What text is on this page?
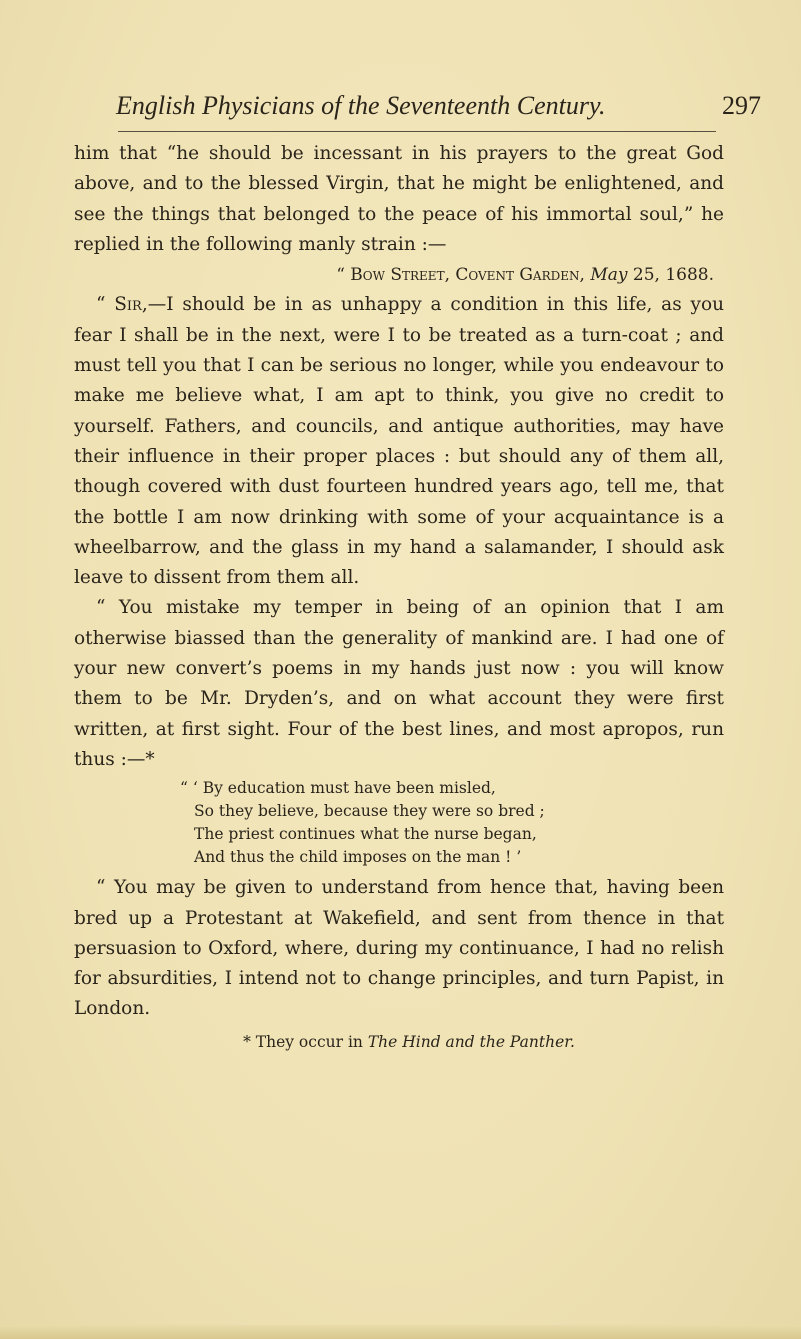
English Physicians of the Seventeenth Century.	297

him that “he should be incessant in his prayers to the great God above, and to the blessed Virgin, that he might be enlightened, and see the things that belonged to the peace of his immortal soul,” he replied in the following manly strain :—

“ Bow Street, Covent Garden, May 25, 1688.

“ Sir,—I should be in as unhappy a condition in this life, as you fear I shall be in the next, were I to be treated as a turn-coat ; and must tell you that I can be serious no longer, while you endeavour to make me believe what, I am apt to think, you give no credit to yourself. Fathers, and councils, and antique authorities, may have their influence in their proper places : but should any of them all, though covered with dust fourteen hundred years ago, tell me, that the bottle I am now drinking with some of your acquaintance is a wheelbarrow, and the glass in my hand a salamander, I should ask leave to dissent from them all.

“ You mistake my temper in being of an opinion that I am otherwise biassed than the generality of mankind are. I had one of your new convert’s poems in my hands just now : you will know them to be Mr. Dryden’s, and on what account they were first written, at first sight. Four of the best lines, and most apropos, run thus :—*

“ ‘ By education must have been misled,
So they believe, because they were so bred ;
The priest continues what the nurse began,
And thus the child imposes on the man ! ’

“ You may be given to understand from hence that, having been bred up a Protestant at Wakefield, and sent from thence in that persuasion to Oxford, where, during my continuance, I had no relish for absurdities, I intend not to change principles, and turn Papist, in London.

* They occur in The Hind and the Panther.
